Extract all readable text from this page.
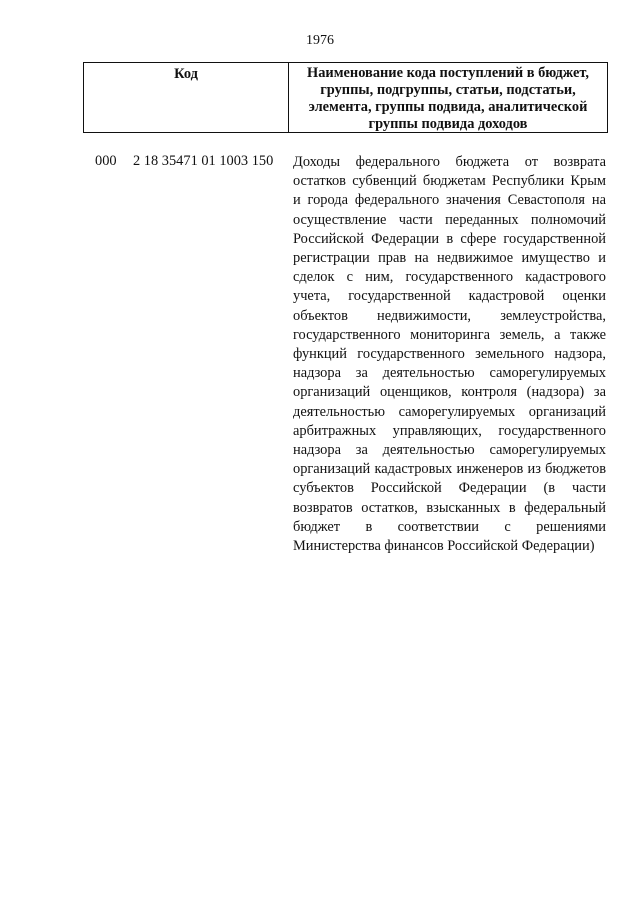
1976
Код	Наименование кода поступлений в бюджет, группы, подгруппы, статьи, подстатьи, элемента, группы подвида, аналитической группы подвида доходов
000 2 18 35471 01 1003 150 Доходы федерального бюджета от возврата остатков субвенций бюджетам Республики Крым и города федерального значения Севастополя на осуществление части переданных полномочий Российской Федерации в сфере государственной регистрации прав на недвижимое имущество и сделок с ним, государственного кадастрового учета, государственной кадастровой оценки объектов недвижимости, землеустройства, государственного мониторинга земель, а также функций государственного земельного надзора, надзора за деятельностью саморегулируемых организаций оценщиков, контроля (надзора) за деятельностью саморегулируемых организаций арбитражных управляющих, государственного надзора за деятельностью саморегулируемых организаций кадастровых инженеров из бюджетов субъектов Российской Федерации (в части возвратов остатков, взысканных в федеральный бюджет в соответствии с решениями Министерства финансов Российской Федерации)
